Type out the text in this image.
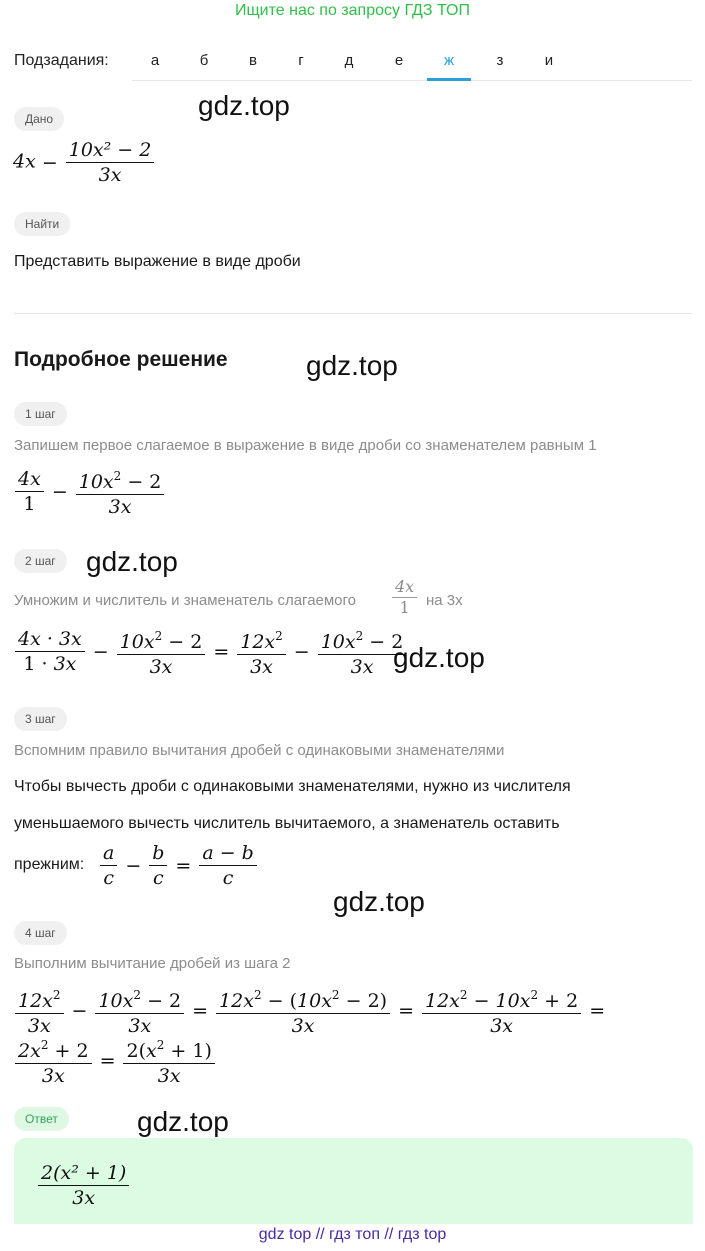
Ищите нас по запросу ГДЗ ТОП
Подзадания:	а	б	в	г	д	е	ж	з	и
Дано	gdz.top
$4x - \frac{\text{10x² − 2}}{3x}$
Найти
Представить выражение в виде дроби
Подробное решение	gdz.top
1 шаг
Запишем первое слагаемое в выражение в виде дроби со знаменателем равным 1
$\frac{4x}{1} - \frac{10x^2 - 2}{3x}$
2 шаг	gdz.top
Умножим и числитель и знаменатель слагаемого $\frac{4x}{1}$ на 3x
$\frac{4x \cdot 3x}{1 \cdot 3x} - \frac{10x^2 - 2}{3x} = \frac{12x^2}{3x} - \frac{10x^2 - 2}{3x}$
gdz.top
3 шаг
Вспомним правило вычитания дробей с одинаковыми знаменателями
Чтобы вычесть дроби с одинаковыми знаменателями, нужно из числителя
уменьшаемого вычесть числитель вычитаемого, а знаменатель оставить
прежним: $\frac{a}{c} - \frac{b}{c} = \frac{a - b}{c}$
gdz.top
4 шаг
Выполним вычитание дробей из шага 2
$\frac{12x^2}{3x} - \frac{10x^2 - 2}{3x} = \frac{12x^2 - (10x^2 - 2)}{3x} = \frac{12x^2 - 10x^2 + 2}{3x}$ =
$\frac{2x^2 + 2}{3x} = \frac{2(x^2 + 1)}{3x}$
Ответ	gdz.top
$\frac{\text{2(x² + 1)}}{3x}$
gdz top // гдз топ // гдз top
